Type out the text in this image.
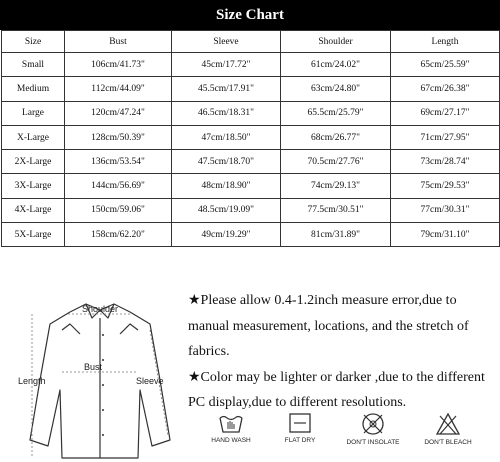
Size Chart
Size	Bust	Sleeve	Shoulder	Length
Small	106cm/41.73"	45cm/17.72"	61cm/24.02"	65cm/25.59"
Medium	112cm/44.09"	45.5cm/17.91"	63cm/24.80"	67cm/26.38"
Large	120cm/47.24"	46.5cm/18.31"	65.5cm/25.79"	69cm/27.17"
X-Large	128cm/50.39"	47cm/18.50"	68cm/26.77"	71cm/27.95"
2X-Large	136cm/53.54"	47.5cm/18.70"	70.5cm/27.76"	73cm/28.74"
3X-Large	144cm/56.69"	48cm/18.90"	74cm/29.13"	75cm/29.53"
4X-Large	150cm/59.06"	48.5cm/19.09"	77.5cm/30.51"	77cm/30.31"
5X-Large	158cm/62.20"	49cm/19.29"	81cm/31.89"	79cm/31.10"
Shoulder
Bust
Length	Sleeve

★Please allow 0.4-1.2inch measure error,due to manual measurement, locations, and the stretch of fabrics.

★Color may be lighter or darker ,due to the different PC display,due to different resolutions.

HAND WASH	FLAT DRY	DON'T INSOLATE	DON'T BLEACH
